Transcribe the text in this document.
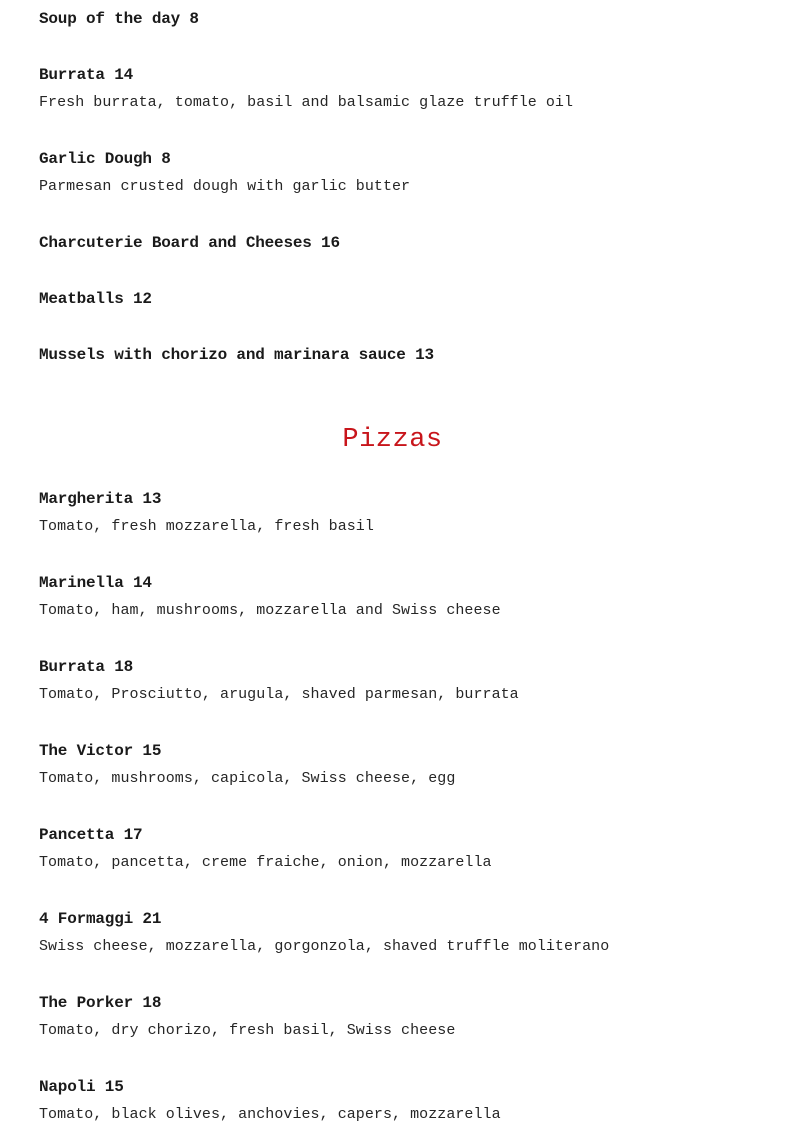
Soup of the day 8
Burrata 14
Fresh burrata, tomato, basil and balsamic glaze truffle oil
Garlic Dough 8
Parmesan crusted dough with garlic butter
Charcuterie Board and Cheeses 16
Meatballs 12
Mussels with chorizo and marinara sauce 13
Pizzas
Margherita 13
Tomato, fresh mozzarella, fresh basil
Marinella 14
Tomato, ham, mushrooms, mozzarella and Swiss cheese
Burrata 18
Tomato, Prosciutto, arugula, shaved parmesan, burrata
The Victor 15
Tomato, mushrooms, capicola, Swiss cheese, egg
Pancetta 17
Tomato, pancetta, creme fraiche, onion, mozzarella
4 Formaggi 21
Swiss cheese, mozzarella, gorgonzola, shaved truffle moliterano
The Porker 18
Tomato, dry chorizo, fresh basil, Swiss cheese
Napoli 15
Tomato, black olives, anchovies, capers, mozzarella
